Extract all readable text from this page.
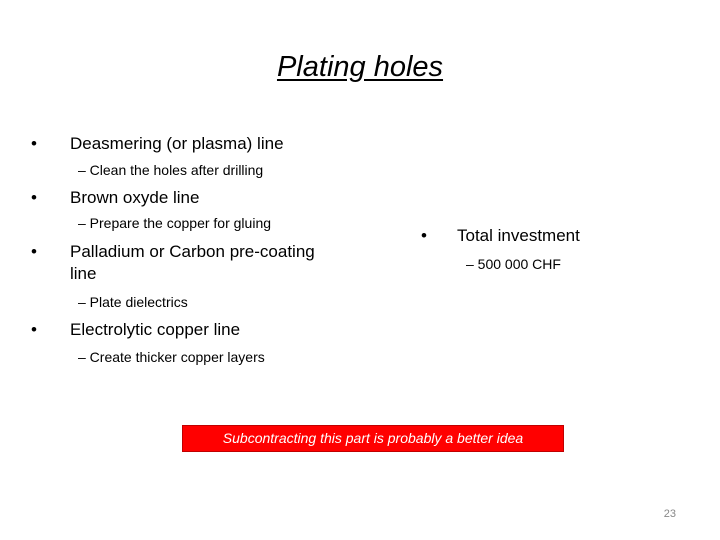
Plating holes
• Deasmering (or plasma) line
– Clean the holes after drilling
• Brown oxyde line
– Prepare the copper for gluing
• Palladium or Carbon pre-coating
line
– Plate dielectrics
• Electrolytic copper line
– Create thicker copper layers
• Total investment
– 500 000 CHF
Subcontracting this part is probably a better idea
23
